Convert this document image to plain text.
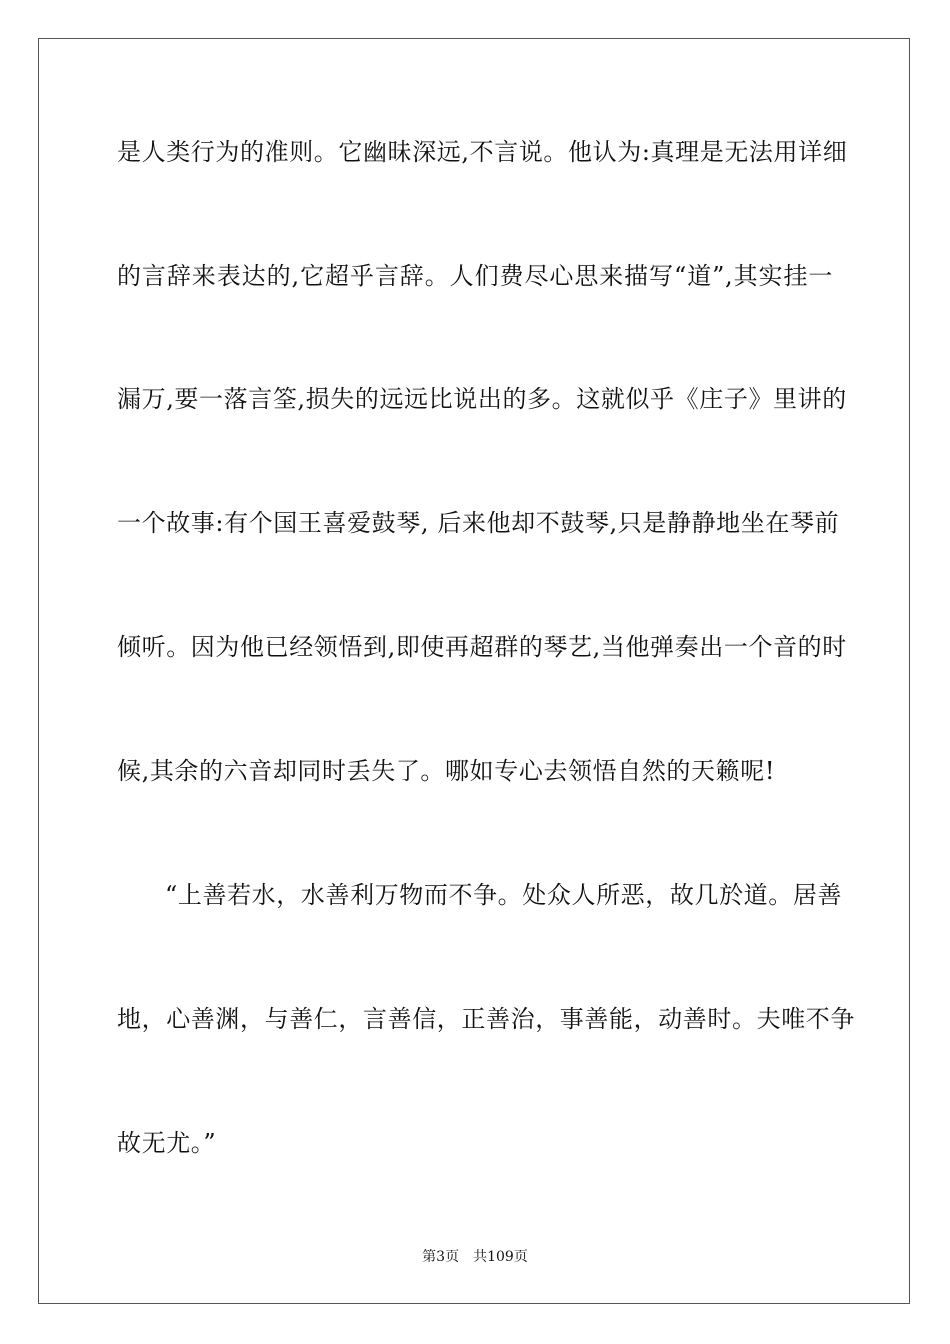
是人类行为的准则。它幽昧深远,不言说。他认为:真理是无法用详细
的言辞来表达的,它超乎言辞。人们费尽心思来描写“道”,其实挂一
漏万,要一落言筌,损失的远远比说出的多。这就似乎《庄子》里讲的
一个故事:有个国王喜爱鼓琴, 后来他却不鼓琴,只是静静地坐在琴前
倾听。因为他已经领悟到,即使再超群的琴艺,当他弹奏出一个音的时
候,其余的六音却同时丢失了。哪如专心去领悟自然的天籁呢!
“上善若水，水善利万物而不争。处众人所恶，故几於道。居善
地，心善渊，与善仁，言善信，正善治，事善能，动善时。夫唯不争
故无尤。”
第3页 共109页
